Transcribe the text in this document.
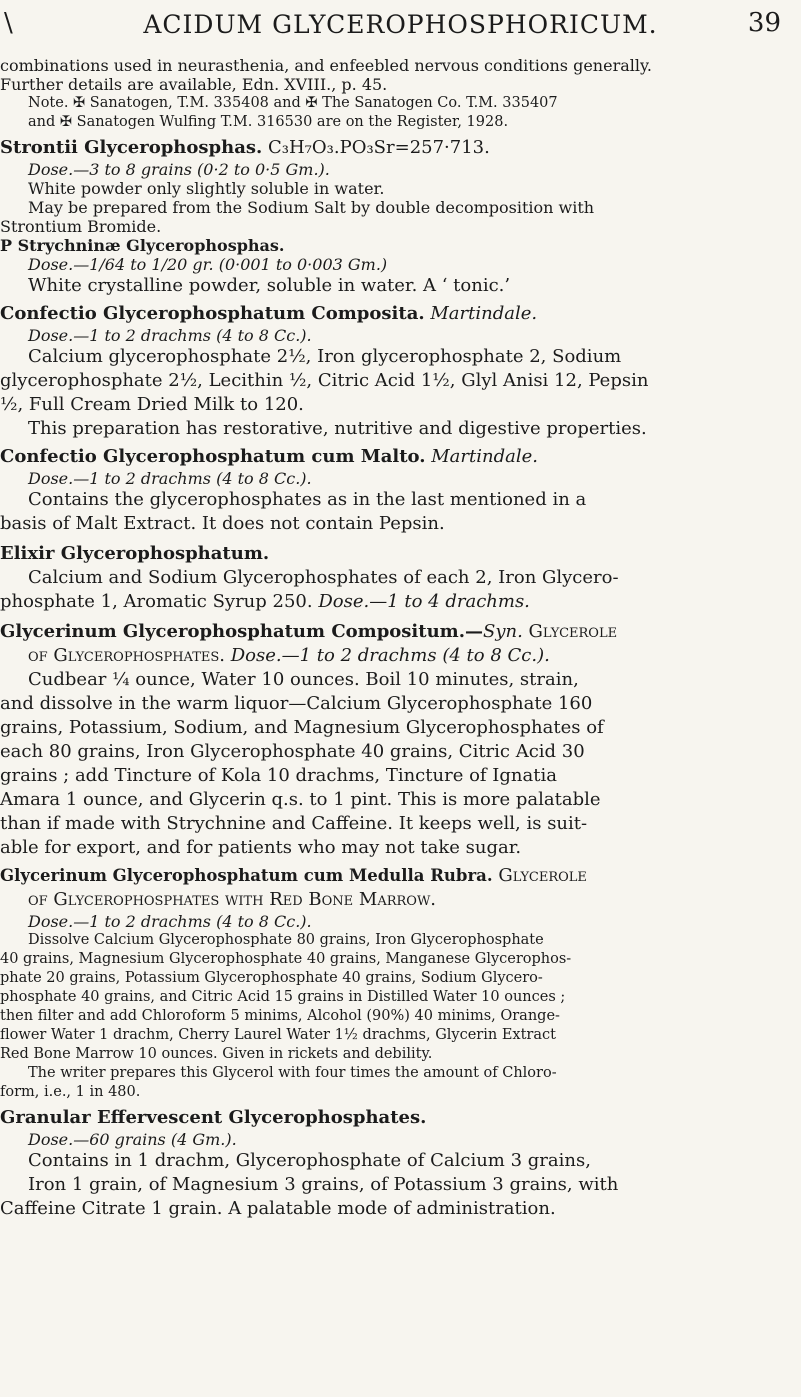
\	ACIDUM GLYCEROPHOSPHORICUM.	39

combinations used in neurasthenia, and enfeebled nervous conditions generally.

Further details are available, Edn. XVIII., p. 45.

Note. ✠ Sanatogen, T.M. 335408 and ✠ The Sanatogen Co. T.M. 335407

and ✠ Sanatogen Wulfing T.M. 316530 are on the Register, 1928.

Strontii Glycerophosphas. C₃H₇O₃.PO₃Sr=257·713.

Dose.—3 to 8 grains (0·2 to 0·5 Gm.).

White powder only slightly soluble in water.

May be prepared from the Sodium Salt by double decomposition with

Strontium Bromide.

P Strychninæ Glycerophosphas.

Dose.—1/64 to 1/20 gr. (0·001 to 0·003 Gm.)

White crystalline powder, soluble in water. A ‘ tonic.’

Confectio Glycerophosphatum Composita. Martindale.

Dose.—1 to 2 drachms (4 to 8 Cc.).

Calcium glycerophosphate 2½, Iron glycerophosphate 2, Sodium

glycerophosphate 2½, Lecithin ½, Citric Acid 1½, Glyl Anisi 12, Pepsin

½, Full Cream Dried Milk to 120.

This preparation has restorative, nutritive and digestive properties.

Confectio Glycerophosphatum cum Malto. Martindale.

Dose.—1 to 2 drachms (4 to 8 Cc.).

Contains the glycerophosphates as in the last mentioned in a

basis of Malt Extract. It does not contain Pepsin.

Elixir Glycerophosphatum.

Calcium and Sodium Glycerophosphates of each 2, Iron Glycero-

phosphate 1, Aromatic Syrup 250. Dose.—1 to 4 drachms.

Glycerinum Glycerophosphatum Compositum.—Syn. Glycerole

of Glycerophosphates. Dose.—1 to 2 drachms (4 to 8 Cc.).

Cudbear ¼ ounce, Water 10 ounces. Boil 10 minutes, strain,

and dissolve in the warm liquor—Calcium Glycerophosphate 160

grains, Potassium, Sodium, and Magnesium Glycerophosphates of

each 80 grains, Iron Glycerophosphate 40 grains, Citric Acid 30

grains ; add Tincture of Kola 10 drachms, Tincture of Ignatia

Amara 1 ounce, and Glycerin q.s. to 1 pint. This is more palatable

than if made with Strychnine and Caffeine. It keeps well, is suit-

able for export, and for patients who may not take sugar.

Glycerinum Glycerophosphatum cum Medulla Rubra. Glycerole

of Glycerophosphates with Red Bone Marrow.

Dose.—1 to 2 drachms (4 to 8 Cc.).

Dissolve Calcium Glycerophosphate 80 grains, Iron Glycerophosphate

40 grains, Magnesium Glycerophosphate 40 grains, Manganese Glycerophos-

phate 20 grains, Potassium Glycerophosphate 40 grains, Sodium Glycero-

phosphate 40 grains, and Citric Acid 15 grains in Distilled Water 10 ounces ;

then filter and add Chloroform 5 minims, Alcohol (90%) 40 minims, Orange-

flower Water 1 drachm, Cherry Laurel Water 1½ drachms, Glycerin Extract

Red Bone Marrow 10 ounces. Given in rickets and debility.

The writer prepares this Glycerol with four times the amount of Chloro-

form, i.e., 1 in 480.

Granular Effervescent Glycerophosphates.

Dose.—60 grains (4 Gm.).

Contains in 1 drachm, Glycerophosphate of Calcium 3 grains,

Iron 1 grain, of Magnesium 3 grains, of Potassium 3 grains, with

Caffeine Citrate 1 grain. A palatable mode of administration.
